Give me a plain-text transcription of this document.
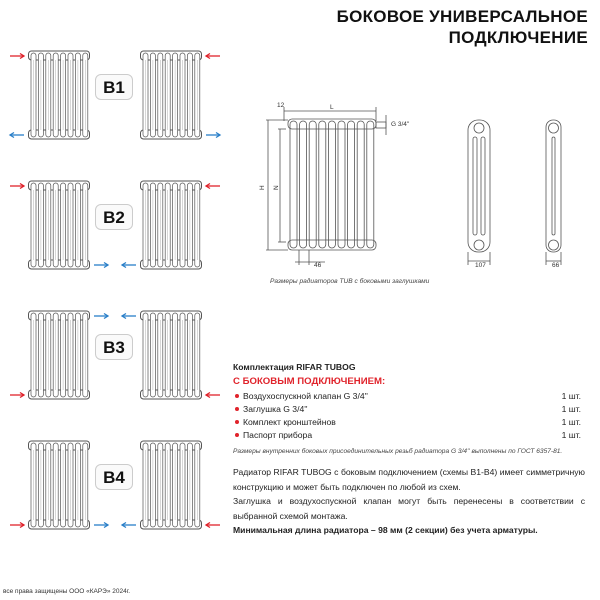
БОКОВОЕ УНИВЕРСАЛЬНОЕ
ПОДКЛЮЧЕНИЕ
B1
B2
B3
B4
12	L
G 3/4''
H N
46	107	66
Размеры радиаторов TUB с боковыми заглушками
Комплектация RIFAR TUBOG
С БОКОВЫМ ПОДКЛЮЧЕНИЕМ:
Воздухоспускной клапан G 3/4''	1 шт.
Заглушка G 3/4''	1 шт.
Комплект кронштейнов	1 шт.
Паспорт прибора	1 шт.
Размеры внутренних боковых присоединительных резьб радиатора G 3/4'' выполнены по ГОСТ 6357-81.
Радиатор RIFAR TUBOG с боковым подключением (схемы B1-B4) имеет симметричную конструкцию и может быть подключен по любой из схем.
Заглушка и воздухоспускной клапан могут быть перенесены в соответствии с выбранной схемой монтажа.
Минимальная длина радиатора – 98 мм (2 секции) без учета арматуры.
все права защищены ООО «КАРЭ» 2024г.
